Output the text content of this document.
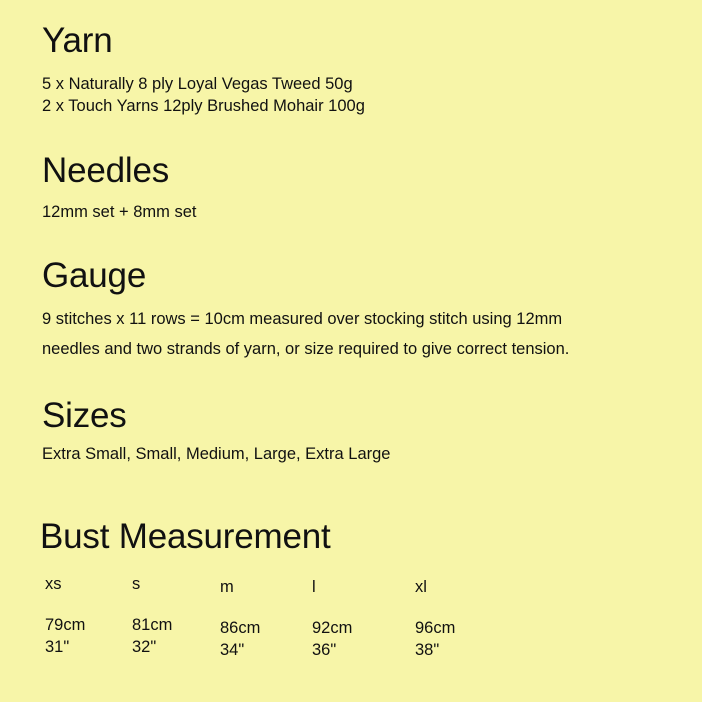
Yarn

5 x Naturally 8 ply Loyal Vegas Tweed 50g

2 x Touch Yarns 12ply Brushed Mohair 100g

Needles

12mm set + 8mm set

Gauge

9 stitches x 11 rows = 10cm measured over stocking stitch using 12mm

needles and two strands of yarn, or size required to give correct tension.

Sizes

Extra Small, Small, Medium, Large, Extra Large

Bust Measurement

xs

79cm

31"

s

81cm

32"

m

86cm

34"

l

92cm

36"

xl

96cm

38"
